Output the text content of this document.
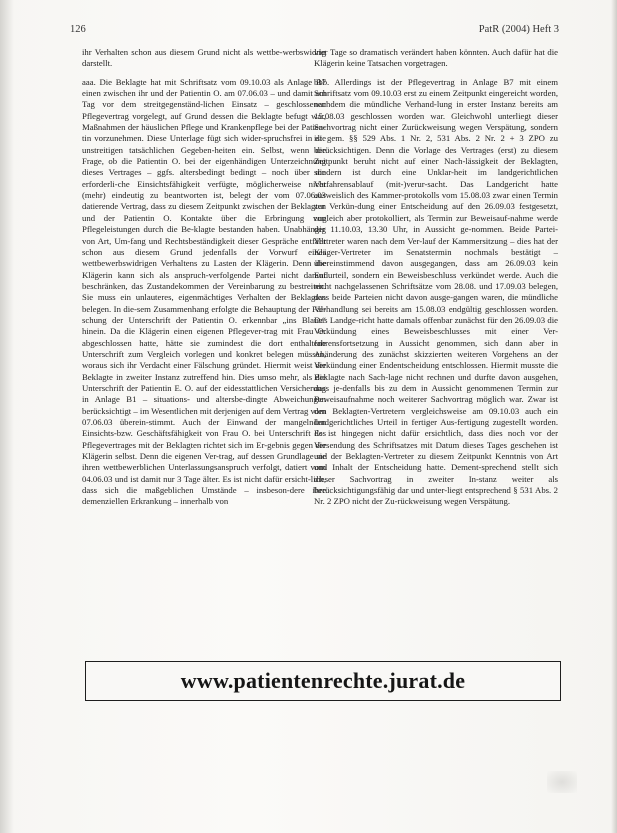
126	PatR (2004) Heft 3

ihr Verhalten schon aus diesem Grund nicht als wettbe-werbswidrig darstellt.

aaa. Die Beklagte hat mit Schriftsatz vom 09.10.03 als Anlage B7 einen zwischen ihr und der Patientin O. am 07.06.03 – und damit am Tag vor dem streitgegenständ-lichen Einsatz – geschlossenen Pflegevertrag vorgelegt, auf Grund dessen die Beklagte befugt war, Maßnahmen der häuslichen Pflege und Krankenpflege bei der Patien-tin vorzunehmen. Diese Unterlage fügt sich wider-spruchsfrei in die unstreitigen tatsächlichen Gegeben-heiten ein. Selbst, wenn die Frage, ob die Patientin O. bei der eigenhändigen Unterzeichnung dieses Vertrages – ggfs. altersbedingt bedingt – noch über die erforderli-che Einsichtsfähigkeit verfügte, möglicherweise nicht (mehr) eindeutig zu beantworten ist, belegt der vom 07.06.03 datierende Vertrag, dass zu diesem Zeitpunkt zwischen der Beklagten und der Patientin O. Kontakte über die Erbringung von Pflegeleistungen durch die Be-klagte bestanden haben. Unabhängig von Art, Um-fang und Rechtsbeständigkeit dieser Gespräche entfällt schon aus diesem Grund jedenfalls der Vorwurf eines wettbewerbswidrigen Verhaltens zu Lasten der Klägerin. Denn die Klägerin kann sich als anspruch-verfolgende Partei nicht darauf beschränken, das Zustandekommen der Vereinbarung zu bestreiten. Sie muss ein unlauteres, eigenmächtiges Verhalten der Beklagten belegen. In die-sem Zusammenhang erfolgte die Behauptung der Fäl-schung der Unterschrift der Patientin O. erkennbar „ins Blaue“ hinein. Da die Klägerin einen eigenen Pflegever-trag mit Frau O. abgeschlossen hatte, hätte sie zumindest die dort enthaltene Unterschrift zum Vergleich vorlegen und konkret belegen müssen, woraus sich ihr Verdacht einer Fälschung gründet. Hiermit weist die Beklagte in zweiter Instanz zutreffend hin. Dies umso mehr, als die Unterschrift der Patientin E. O. auf der eidesstattlichen Versicherung in Anlage B1 – situations- und altersbe-dingte Abweichungen berücksichtigt – im Wesentlichen mit derjenigen auf dem Vertrag vom 07.06.03 überein-stimmt. Auch der Einwand der mangelnden Einsichts-bzw. Geschäftsfähigkeit von Frau O. bei Unterschrift des Pflegevertrages mit der Beklagten richtet sich im Er-gebnis gegen die Klägerin selbst. Denn die eigenen Ver-trag, auf dessen Grundlage sie ihren wettbewerblichen Unterlassungsanspruch verfolgt, datiert vom 04.06.03 und ist damit nur 3 Tage älter. Es ist nicht dafür ersicht-lich, dass sich die maßgeblichen Umstände – insbeson-dere ihre demenziellen Erkrankung – innerhalb von

vier Tage so dramatisch verändert haben könnten. Auch dafür hat die Klägerin keine Tatsachen vorgetragen.

bbb. Allerdings ist der Pflegevertrag in Anlage B7 mit einem Schriftsatz vom 09.10.03 erst zu einem Zeitpunkt eingereicht worden, nachdem die mündliche Verhand-lung in erster Instanz bereits am 15.08.03 geschlossen worden war. Gleichwohl unterliegt dieser Sachvortrag nicht einer Zurückweisung wegen Verspätung, sondern ist gem. §§ 529 Abs. 1 Nr. 2, 531 Abs. 2 Nr. 2 + 3 ZPO zu berücksichtigen. Denn die Vorlage des Vertrages (erst) zu diesem Zeitpunkt beruht nicht auf einer Nach-lässigkeit der Beklagten, sondern ist durch eine Unklar-heit im landgerichtlichen Verfahrensablauf (mit-)verur-sacht. Das Landgericht hatte ausweislich des Kammer-protokolls vom 15.08.03 zwar einen Termin zur Verkün-dung einer Entscheidung auf den 26.09.03 festgesetzt, zugleich aber protokolliert, als Termin zur Beweisauf-nahme werde der 11.10.03, 13.30 Uhr, in Aussicht ge-nommen. Beide Partei-Vertreter waren nach dem Ver-lauf der Kammersitzung – dies hat der Kläger-Vertreter im Senatstermin nochmals bestätigt – übereinstimmend davon ausgegangen, dass am 26.09.03 kein Endurteil, sondern ein Beweisbeschluss verkündet werde. Auch die nicht nachgelassenen Schriftsätze vom 28.08. und 17.09.03 belegen, dass beide Parteien nicht davon ausge-gangen waren, die mündliche Verhandlung sei bereits am 15.08.03 endgültig geschlossen worden. Das Landge-richt hatte damals offenbar zunächst für den 26.09.03 die Verkündung eines Beweisbeschlusses mit einer Ver-fahrensfortsetzung in Aussicht genommen, sich dann aber in Abänderung des zunächst skizzierten weiteren Vorgehens an der Verkündung einer Endentscheidung entschlossen. Hiermit musste die Beklagte nach Sach-lage nicht rechnen und durfte davon ausgehen, dass je-denfalls bis zu dem in Aussicht genommenen Termin zur Beweisaufnahme noch weiterer Sachvortrag möglich war. Zwar ist den Beklagten-Vertretern vergleichsweise am 09.10.03 auch ein landgerichtliches Urteil in fertiger Aus-fertigung zugestellt worden. Es ist hingegen nicht dafür ersichtlich, dass dies noch vor der Versendung des Schriftsatzes mit Datum dieses Tages geschehen ist und der Beklagten-Vertreter zu diesem Zeitpunkt Kenntnis von Art und Inhalt der Entscheidung hatte. Dement-sprechend stellt sich dieser Sachvortrag in zweiter In-stanz weiter als berücksichtigungsfähig dar und unter-liegt entsprechend § 531 Abs. 2 Nr. 2 ZPO nicht der Zu-rückweisung wegen Verspätung.

www.patientenrechte.jurat.de
